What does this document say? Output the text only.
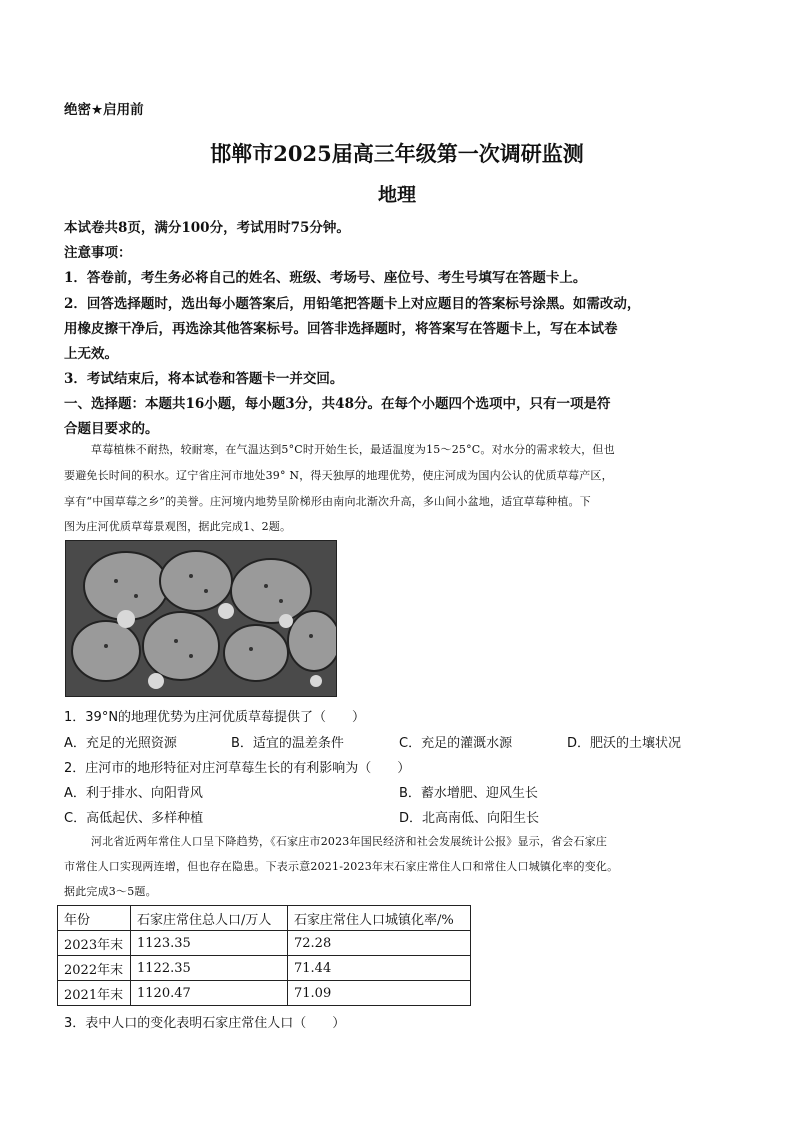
绝密★启用前
邯郸市2025届高三年级第一次调研监测
地理
本试卷共8页，满分100分，考试用时75分钟。
注意事项：
1．答卷前，考生务必将自己的姓名、班级、考场号、座位号、考生号填写在答题卡上。
2．回答选择题时，选出每小题答案后，用铅笔把答题卡上对应题目的答案标号涂黑。如需改动，
用橡皮擦干净后，再选涂其他答案标号。回答非选择题时，将答案写在答题卡上，写在本试卷
上无效。
3．考试结束后，将本试卷和答题卡一并交回。
一、选择题：本题共16小题，每小题3分，共48分。在每个小题四个选项中，只有一项是符
合题目要求的。
草莓植株不耐热，较耐寒，在气温达到5°C时开始生长，最适温度为15～25°C。对水分的需求较大，但也
要避免长时间的积水。辽宁省庄河市地处39° N，得天独厚的地理优势，使庄河成为国内公认的优质草莓产区，
享有“中国草莓之乡”的美誉。庄河境内地势呈阶梯形由南向北渐次升高，多山间小盆地，适宜草莓种植。下
图为庄河优质草莓景观图，据此完成1、2题。
1．39°N的地理优势为庄河优质草莓提供了（　　）
A．充足的光照资源	B．适宜的温差条件	C．充足的灌溉水源	D．肥沃的土壤状况
2．庄河市的地形特征对庄河草莓生长的有利影响为（　　）
A．利于排水、向阳背风	B．蓄水增肥、迎风生长
C．高低起伏、多样种植	D．北高南低、向阳生长
河北省近两年常住人口呈下降趋势，《石家庄市2023年国民经济和社会发展统计公报》显示，省会石家庄
市常住人口实现两连增，但也存在隐患。下表示意2021-2023年末石家庄常住人口和常住人口城镇化率的变化。
据此完成3～5题。
年份	石家庄常住总人口/万人	石家庄常住人口城镇化率/%
2023年末	1123.35	72.28
2022年末	1122.35	71.44
2021年末	1120.47	71.09
3．表中人口的变化表明石家庄常住人口（　　）
